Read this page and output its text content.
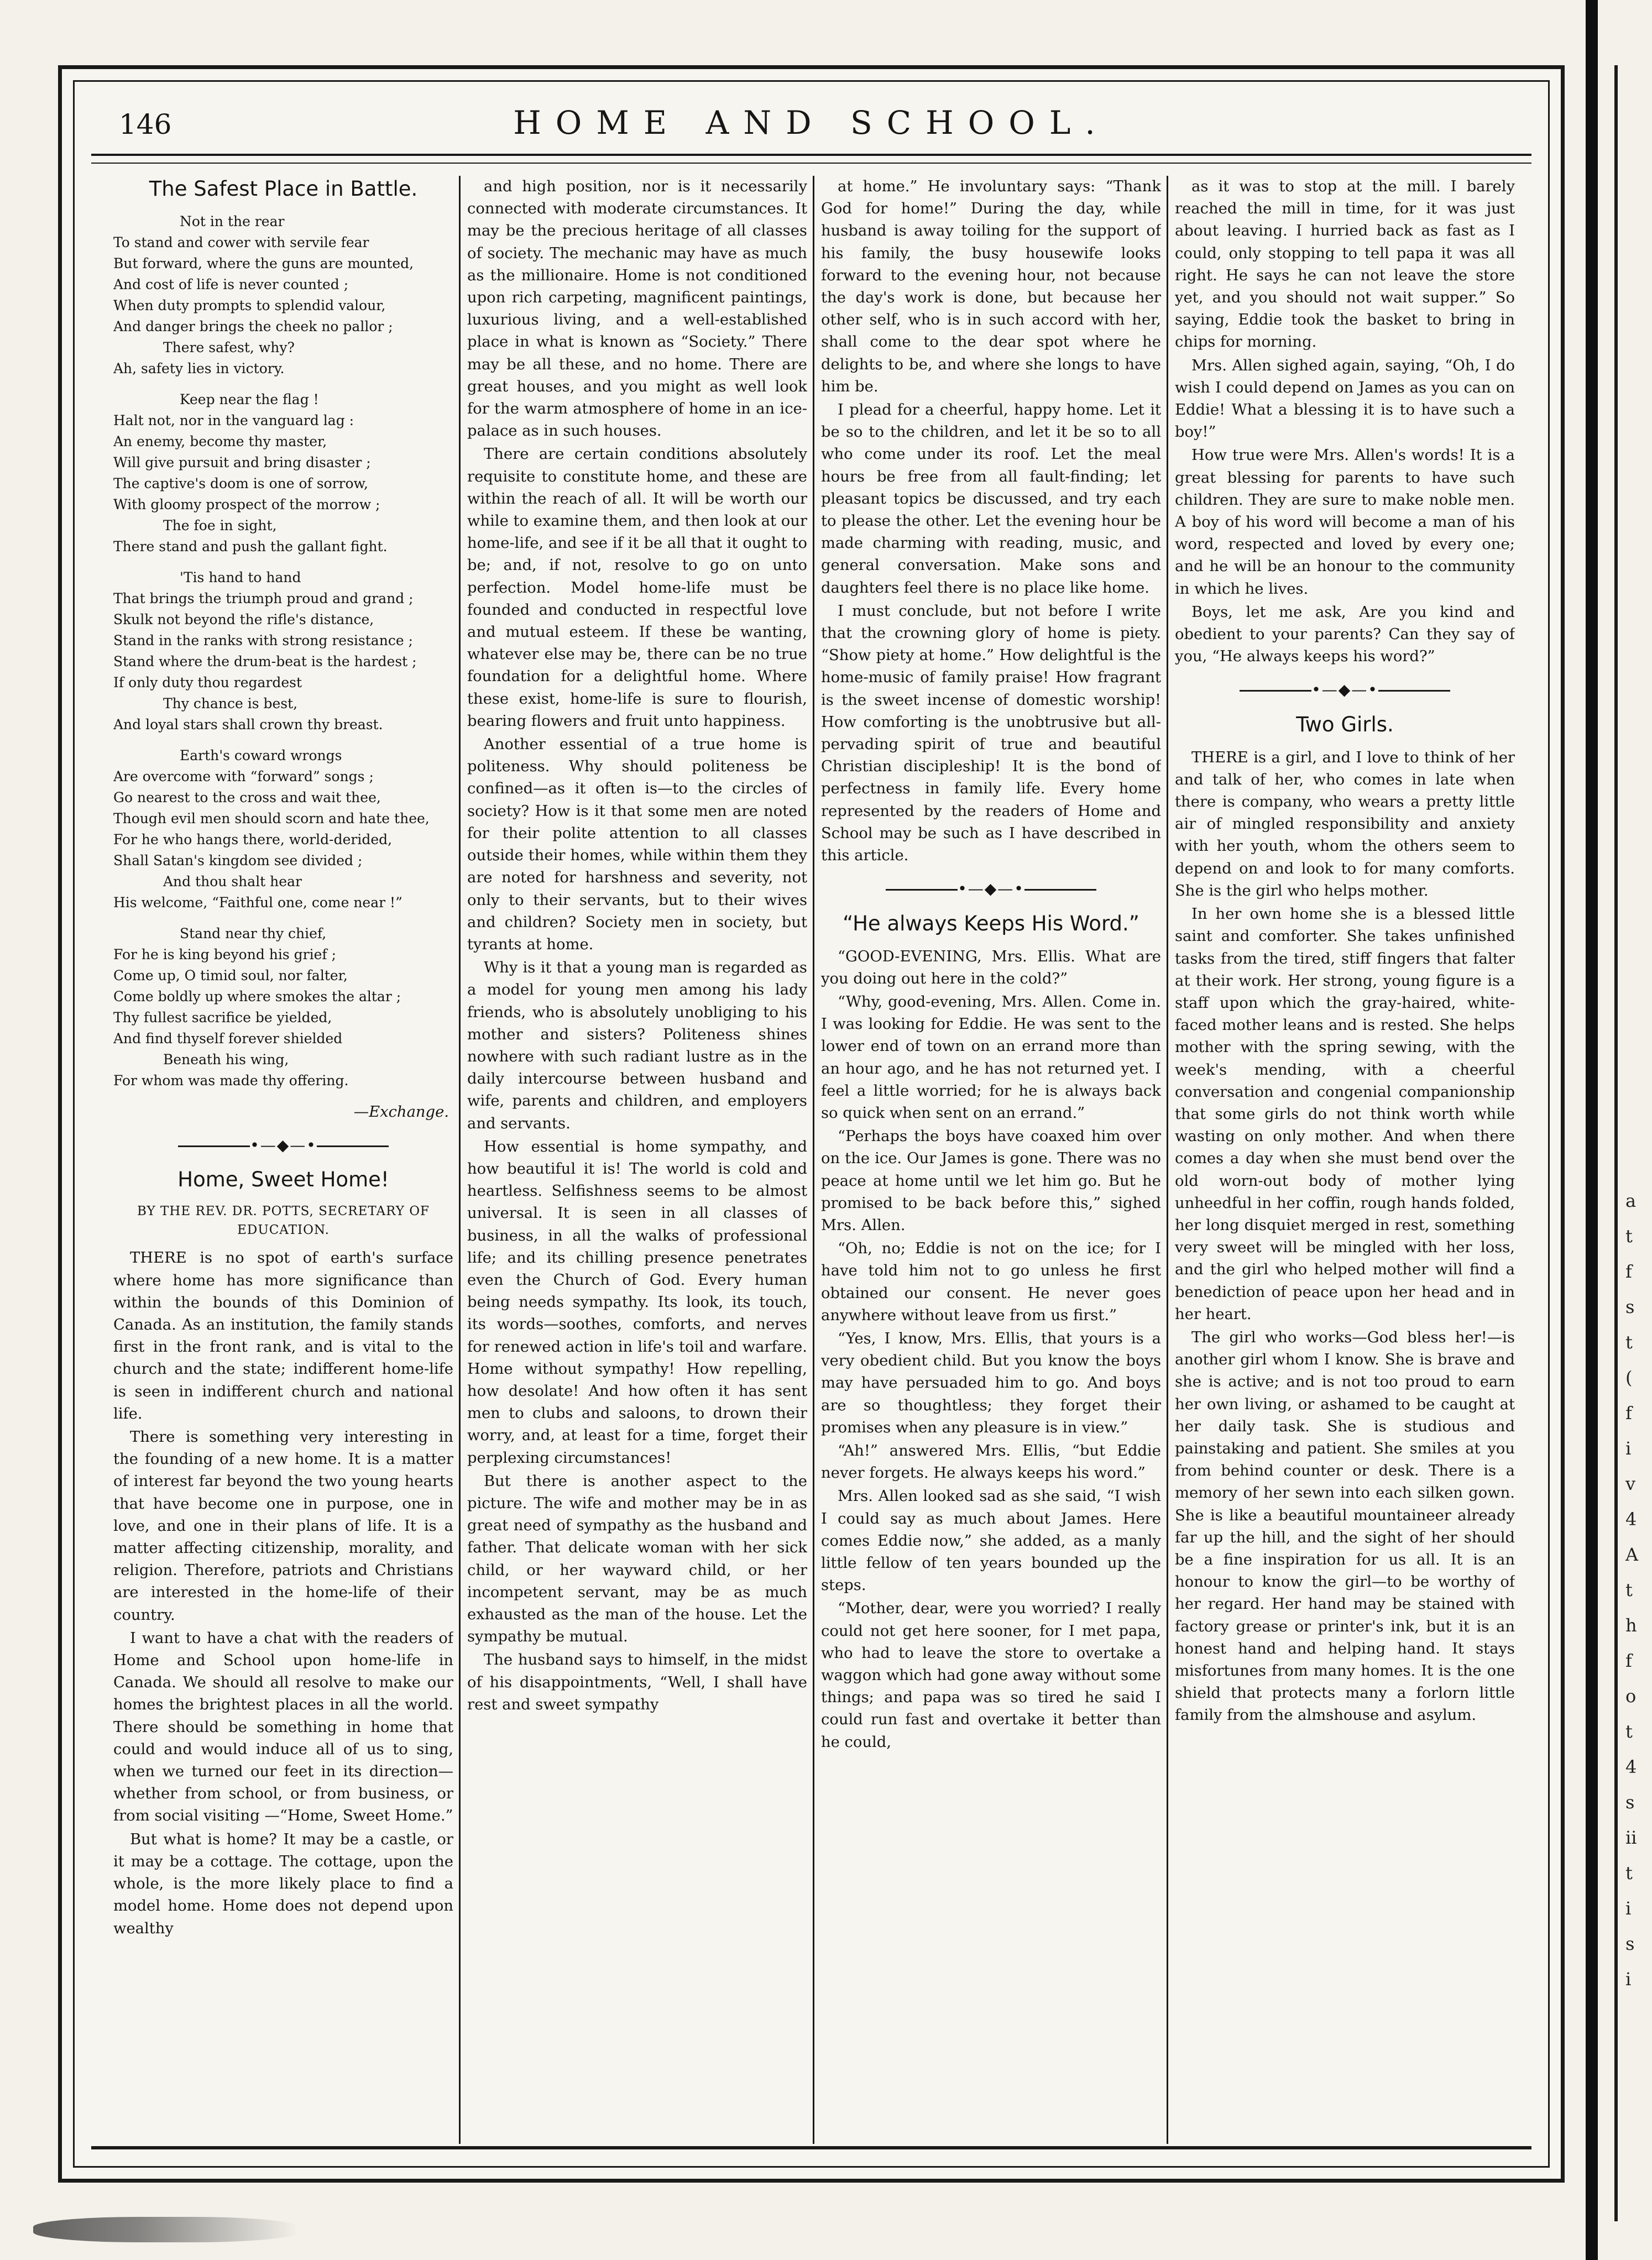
a
t
f
s
t
(
f
i
v
4
A
t
h
f
o
t
4
s
ii
t
i
s
i
146	HOME AND SCHOOL.
The Safest Place in Battle.

Not in the rear

To stand and cower with servile fear

But forward, where the guns are mounted,

And cost of life is never counted ;

When duty prompts to splendid valour,

And danger brings the cheek no pallor ;

There safest, why?

Ah, safety lies in victory.

Keep near the flag !

Halt not, nor in the vanguard lag :

An enemy, become thy master,

Will give pursuit and bring disaster ;

The captive's doom is one of sorrow,

With gloomy prospect of the morrow ;

The foe in sight,

There stand and push the gallant fight.

'Tis hand to hand

That brings the triumph proud and grand ;

Skulk not beyond the rifle's distance,

Stand in the ranks with strong resistance ;

Stand where the drum-beat is the hardest ;

If only duty thou regardest

Thy chance is best,

And loyal stars shall crown thy breast.

Earth's coward wrongs

Are overcome with “forward” songs ;

Go nearest to the cross and wait thee,

Though evil men should scorn and hate thee,

For he who hangs there, world-derided,

Shall Satan's kingdom see divided ;

And thou shalt hear

His welcome, “Faithful one, come near !”

Stand near thy chief,

For he is king beyond his grief ;

Come up, O timid soul, nor falter,

Come boldly up where smokes the altar ;

Thy fullest sacrifice be yielded,

And find thyself forever shielded

Beneath his wing,

For whom was made thy offering.

—Exchange.
•—◆—•
Home, Sweet Home!
BY THE REV. DR. POTTS, SECRETARY OF EDUCATION.

THERE is no spot of earth's surface where home has more significance than within the bounds of this Dominion of Canada. As an institution, the family stands first in the front rank, and is vital to the church and the state; indifferent home-life is seen in indifferent church and national life.

There is something very interesting in the founding of a new home. It is a matter of interest far beyond the two young hearts that have become one in purpose, one in love, and one in their plans of life. It is a matter affecting citizenship, morality, and religion. Therefore, patriots and Christians are interested in the home-life of their country.

I want to have a chat with the readers of Home and School upon home-life in Canada. We should all resolve to make our homes the brightest places in all the world. There should be something in home that could and would induce all of us to sing, when we turned our feet in its direction—whether from school, or from business, or from social visiting —“Home, Sweet Home.”

But what is home? It may be a castle, or it may be a cottage. The cottage, upon the whole, is the more likely place to find a model home. Home does not depend upon wealthy

and high position, nor is it necessarily connected with moderate circumstances. It may be the precious heritage of all classes of society. The mechanic may have as much as the millionaire. Home is not conditioned upon rich carpeting, magnificent paintings, luxurious living, and a well-established place in what is known as “Society.” There may be all these, and no home. There are great houses, and you might as well look for the warm atmosphere of home in an ice-palace as in such houses.

There are certain conditions absolutely requisite to constitute home, and these are within the reach of all. It will be worth our while to examine them, and then look at our home-life, and see if it be all that it ought to be; and, if not, resolve to go on unto perfection. Model home-life must be founded and conducted in respectful love and mutual esteem. If these be wanting, whatever else may be, there can be no true foundation for a delightful home. Where these exist, home-life is sure to flourish, bearing flowers and fruit unto happiness.

Another essential of a true home is politeness. Why should politeness be confined—as it often is—to the circles of society? How is it that some men are noted for their polite attention to all classes outside their homes, while within them they are noted for harshness and severity, not only to their servants, but to their wives and children? Society men in society, but tyrants at home.

Why is it that a young man is regarded as a model for young men among his lady friends, who is absolutely unobliging to his mother and sisters? Politeness shines nowhere with such radiant lustre as in the daily intercourse between husband and wife, parents and children, and employers and servants.

How essential is home sympathy, and how beautiful it is! The world is cold and heartless. Selfishness seems to be almost universal. It is seen in all classes of business, in all the walks of professional life; and its chilling presence penetrates even the Church of God. Every human being needs sympathy. Its look, its touch, its words—soothes, comforts, and nerves for renewed action in life's toil and warfare. Home without sympathy! How repelling, how desolate! And how often it has sent men to clubs and saloons, to drown their worry, and, at least for a time, forget their perplexing circumstances!

But there is another aspect to the picture. The wife and mother may be in as great need of sympathy as the husband and father. That delicate woman with her sick child, or her wayward child, or her incompetent servant, may be as much exhausted as the man of the house. Let the sympathy be mutual.

The husband says to himself, in the midst of his disappointments, “Well, I shall have rest and sweet sympathy

at home.” He involuntary says: “Thank God for home!” During the day, while husband is away toiling for the support of his family, the busy housewife looks forward to the evening hour, not because the day's work is done, but because her other self, who is in such accord with her, shall come to the dear spot where he delights to be, and where she longs to have him be.

I plead for a cheerful, happy home. Let it be so to the children, and let it be so to all who come under its roof. Let the meal hours be free from all fault-finding; let pleasant topics be discussed, and try each to please the other. Let the evening hour be made charming with reading, music, and general conversation. Make sons and daughters feel there is no place like home.

I must conclude, but not before I write that the crowning glory of home is piety. “Show piety at home.” How delightful is the home-music of family praise! How fragrant is the sweet incense of domestic worship! How comforting is the unobtrusive but all-pervading spirit of true and beautiful Christian discipleship! It is the bond of perfectness in family life. Every home represented by the readers of Home and School may be such as I have described in this article.

•—◆—•
“He always Keeps His Word.”

“GOOD-EVENING, Mrs. Ellis. What are you doing out here in the cold?”

“Why, good-evening, Mrs. Allen. Come in. I was looking for Eddie. He was sent to the lower end of town on an errand more than an hour ago, and he has not returned yet. I feel a little worried; for he is always back so quick when sent on an errand.”

“Perhaps the boys have coaxed him over on the ice. Our James is gone. There was no peace at home until we let him go. But he promised to be back before this,” sighed Mrs. Allen.

“Oh, no; Eddie is not on the ice; for I have told him not to go unless he first obtained our consent. He never goes anywhere without leave from us first.”

“Yes, I know, Mrs. Ellis, that yours is a very obedient child. But you know the boys may have persuaded him to go. And boys are so thoughtless; they forget their promises when any pleasure is in view.”

“Ah!” answered Mrs. Ellis, “but Eddie never forgets. He always keeps his word.”

Mrs. Allen looked sad as she said, “I wish I could say as much about James. Here comes Eddie now,” she added, as a manly little fellow of ten years bounded up the steps.

“Mother, dear, were you worried? I really could not get here sooner, for I met papa, who had to leave the store to overtake a waggon which had gone away without some things; and papa was so tired he said I could run fast and overtake it better than he could,

as it was to stop at the mill. I barely reached the mill in time, for it was just about leaving. I hurried back as fast as I could, only stopping to tell papa it was all right. He says he can not leave the store yet, and you should not wait supper.” So saying, Eddie took the basket to bring in chips for morning.

Mrs. Allen sighed again, saying, “Oh, I do wish I could depend on James as you can on Eddie! What a blessing it is to have such a boy!”

How true were Mrs. Allen's words! It is a great blessing for parents to have such children. They are sure to make noble men. A boy of his word will become a man of his word, respected and loved by every one; and he will be an honour to the community in which he lives.

Boys, let me ask, Are you kind and obedient to your parents? Can they say of you, “He always keeps his word?”

•—◆—•
Two Girls.

THERE is a girl, and I love to think of her and talk of her, who comes in late when there is company, who wears a pretty little air of mingled responsibility and anxiety with her youth, whom the others seem to depend on and look to for many comforts. She is the girl who helps mother.

In her own home she is a blessed little saint and comforter. She takes unfinished tasks from the tired, stiff fingers that falter at their work. Her strong, young figure is a staff upon which the gray-haired, white-faced mother leans and is rested. She helps mother with the spring sewing, with the week's mending, with a cheerful conversation and congenial companionship that some girls do not think worth while wasting on only mother. And when there comes a day when she must bend over the old worn-out body of mother lying unheedful in her coffin, rough hands folded, her long disquiet merged in rest, something very sweet will be mingled with her loss, and the girl who helped mother will find a benediction of peace upon her head and in her heart.

The girl who works—God bless her!—is another girl whom I know. She is brave and she is active; and is not too proud to earn her own living, or ashamed to be caught at her daily task. She is studious and painstaking and patient. She smiles at you from behind counter or desk. There is a memory of her sewn into each silken gown. She is like a beautiful mountaineer already far up the hill, and the sight of her should be a fine inspiration for us all. It is an honour to know the girl—to be worthy of her regard. Her hand may be stained with factory grease or printer's ink, but it is an honest hand and helping hand. It stays misfortunes from many homes. It is the one shield that protects many a forlorn little family from the almshouse and asylum.
